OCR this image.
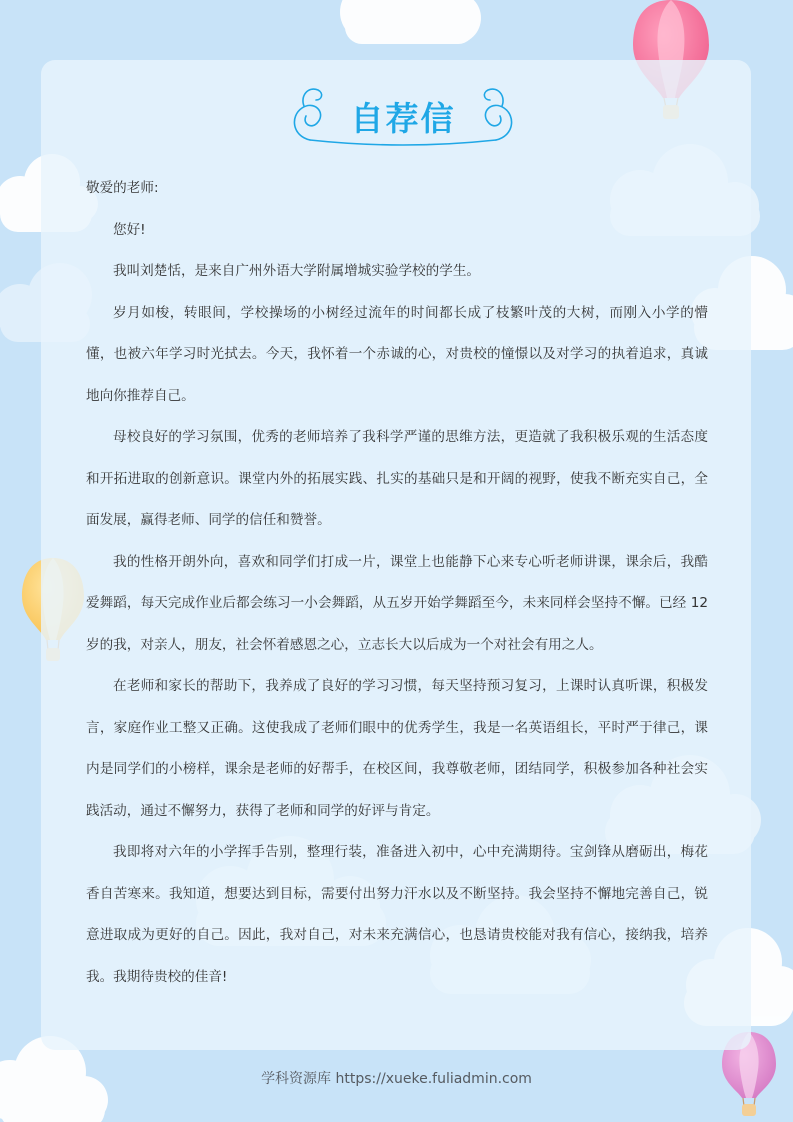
自荐信

敬爱的老师:

您好!

我叫刘楚恬，是来自广州外语大学附属增城实验学校的学生。

岁月如梭，转眼间，学校操场的小树经过流年的时间都长成了枝繁叶茂的大树，而刚入小学的懵懂，也被六年学习时光拭去。今天，我怀着一个赤诚的心，对贵校的憧憬以及对学习的执着追求，真诚地向你推荐自己。

母校良好的学习氛围，优秀的老师培养了我科学严谨的思维方法，更造就了我积极乐观的生活态度和开拓进取的创新意识。课堂内外的拓展实践、扎实的基础只是和开阔的视野，使我不断充实自己，全面发展，赢得老师、同学的信任和赞誉。

我的性格开朗外向，喜欢和同学们打成一片，课堂上也能静下心来专心听老师讲课，课余后，我酷爱舞蹈，每天完成作业后都会练习一小会舞蹈，从五岁开始学舞蹈至今，未来同样会坚持不懈。已经 12 岁的我，对亲人，朋友，社会怀着感恩之心，立志长大以后成为一个对社会有用之人。

在老师和家长的帮助下，我养成了良好的学习习惯，每天坚持预习复习，上课时认真听课，积极发言，家庭作业工整又正确。这使我成了老师们眼中的优秀学生，我是一名英语组长，平时严于律己，课内是同学们的小榜样，课余是老师的好帮手，在校区间，我尊敬老师，团结同学，积极参加各种社会实践活动，通过不懈努力，获得了老师和同学的好评与肯定。

我即将对六年的小学挥手告别，整理行装，准备进入初中，心中充满期待。宝剑锋从磨砺出，梅花香自苦寒来。我知道，想要达到目标，需要付出努力汗水以及不断坚持。我会坚持不懈地完善自己，锐意进取成为更好的自己。因此，我对自己，对未来充满信心，也恳请贵校能对我有信心，接纳我，培养我。我期待贵校的佳音!

学科资源库 https://xueke.fuliadmin.com
